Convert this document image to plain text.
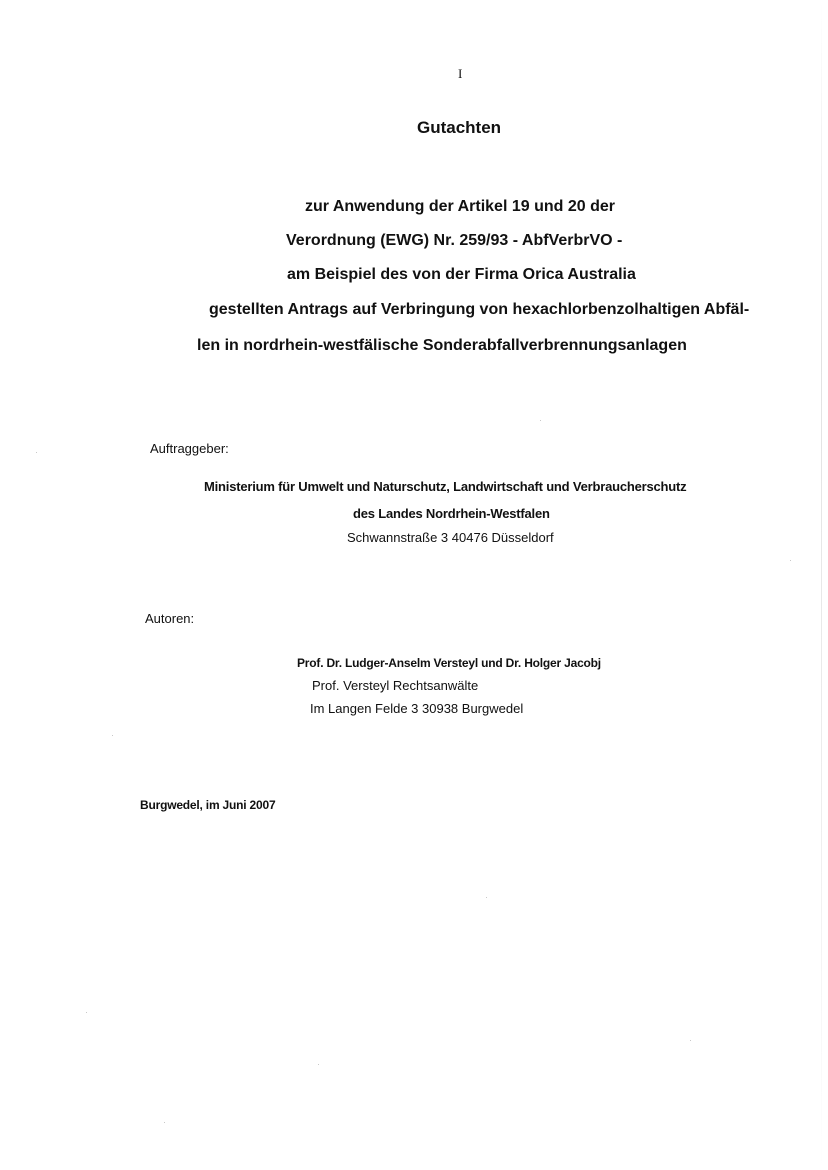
I
Gutachten
zur Anwendung der Artikel 19 und 20 der
Verordnung (EWG) Nr. 259/93 - AbfVerbrVO -
am Beispiel des von der Firma Orica Australia
gestellten Antrags auf Verbringung von hexachlorbenzolhaltigen Abfäl-
len in nordrhein-westfälische Sonderabfallverbrennungsanlagen
Auftraggeber:
Ministerium für Umwelt und Naturschutz, Landwirtschaft und Verbraucherschutz
des Landes Nordrhein-Westfalen
Schwannstraße 3 40476 Düsseldorf
Autoren:
Prof. Dr. Ludger-Anselm Versteyl und Dr. Holger Jacobj
Prof. Versteyl Rechtsanwälte
Im Langen Felde 3 30938 Burgwedel
Burgwedel, im Juni 2007
